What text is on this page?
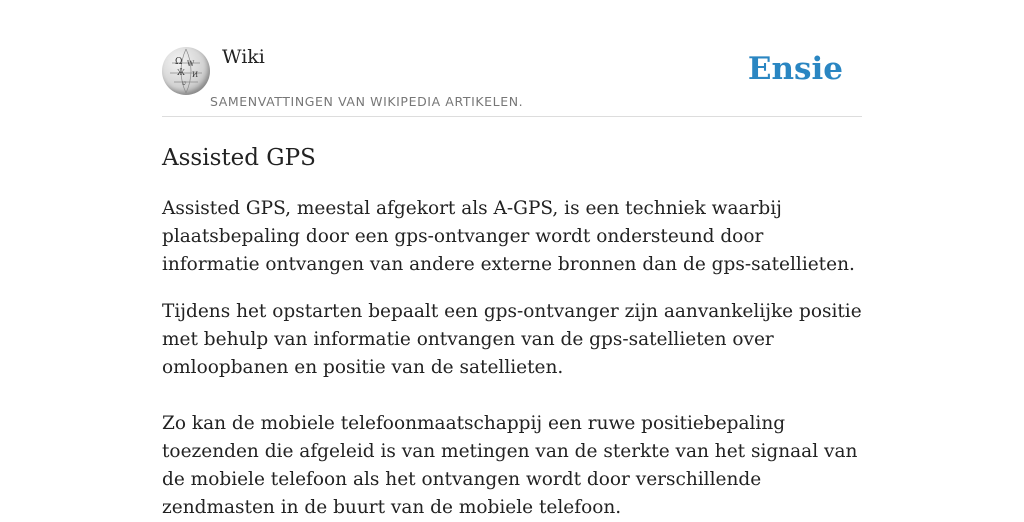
Ω W
Ӝ И
ש
Wiki
SAMENVATTINGEN VAN WIKIPEDIA ARTIKELEN.
Ensie
Assisted GPS

Assisted GPS, meestal afgekort als A-GPS, is een techniek waarbij plaatsbepaling door een gps-ontvanger wordt ondersteund door informatie ontvangen van andere externe bronnen dan de gps-satellieten.

Tijdens het opstarten bepaalt een gps-ontvanger zijn aanvankelijke positie met behulp van informatie ontvangen van de gps-satellieten over omloopbanen en positie van de satellieten.

Zo kan de mobiele telefoonmaatschappij een ruwe positiebepaling toezenden die afgeleid is van metingen van de sterkte van het signaal van de mobiele telefoon als het ontvangen wordt door verschillende zendmasten in de buurt van de mobiele telefoon.
